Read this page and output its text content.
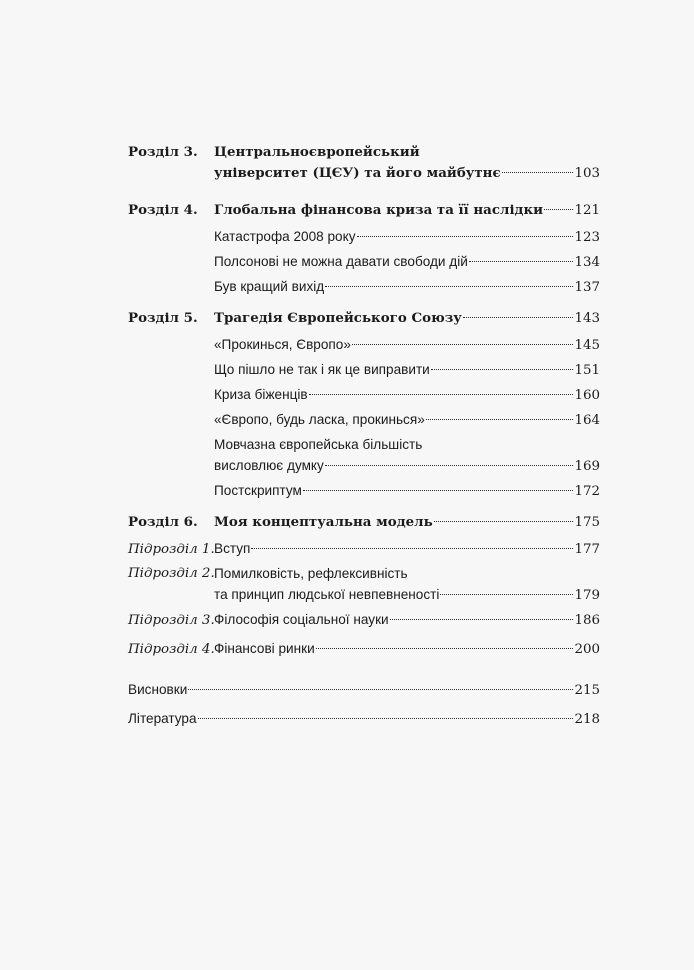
Розділ 3.	Центральноєвропейський
університет (ЦЄУ) та його майбутнє	103
Розділ 4.	Глобальна фінансова криза та її наслідки 121
Катастрофа 2008 року	123
Полсонові не можна давати свободи дій	134
Був кращий вихід	137
Розділ 5.	Трагедія Європейського Союзу	143
«Прокинься, Європо»	145
Що пішло не так і як це виправити	151
Криза біженців	160
«Європо, будь ласка, прокинься»	164
Мовчазна європейська більшість
висловлює думку	169
Постскриптум	172
Розділ 6.	Моя концептуальна модель	175
Підрозділ 1. Вступ	177
Підрозділ 2. Помилковість, рефлексивність
та принцип людської невпевненості	179
Підрозділ 3. Філософія соціальної науки	186
Підрозділ 4. Фінансові ринки	200
Висновки	215
Література	218
